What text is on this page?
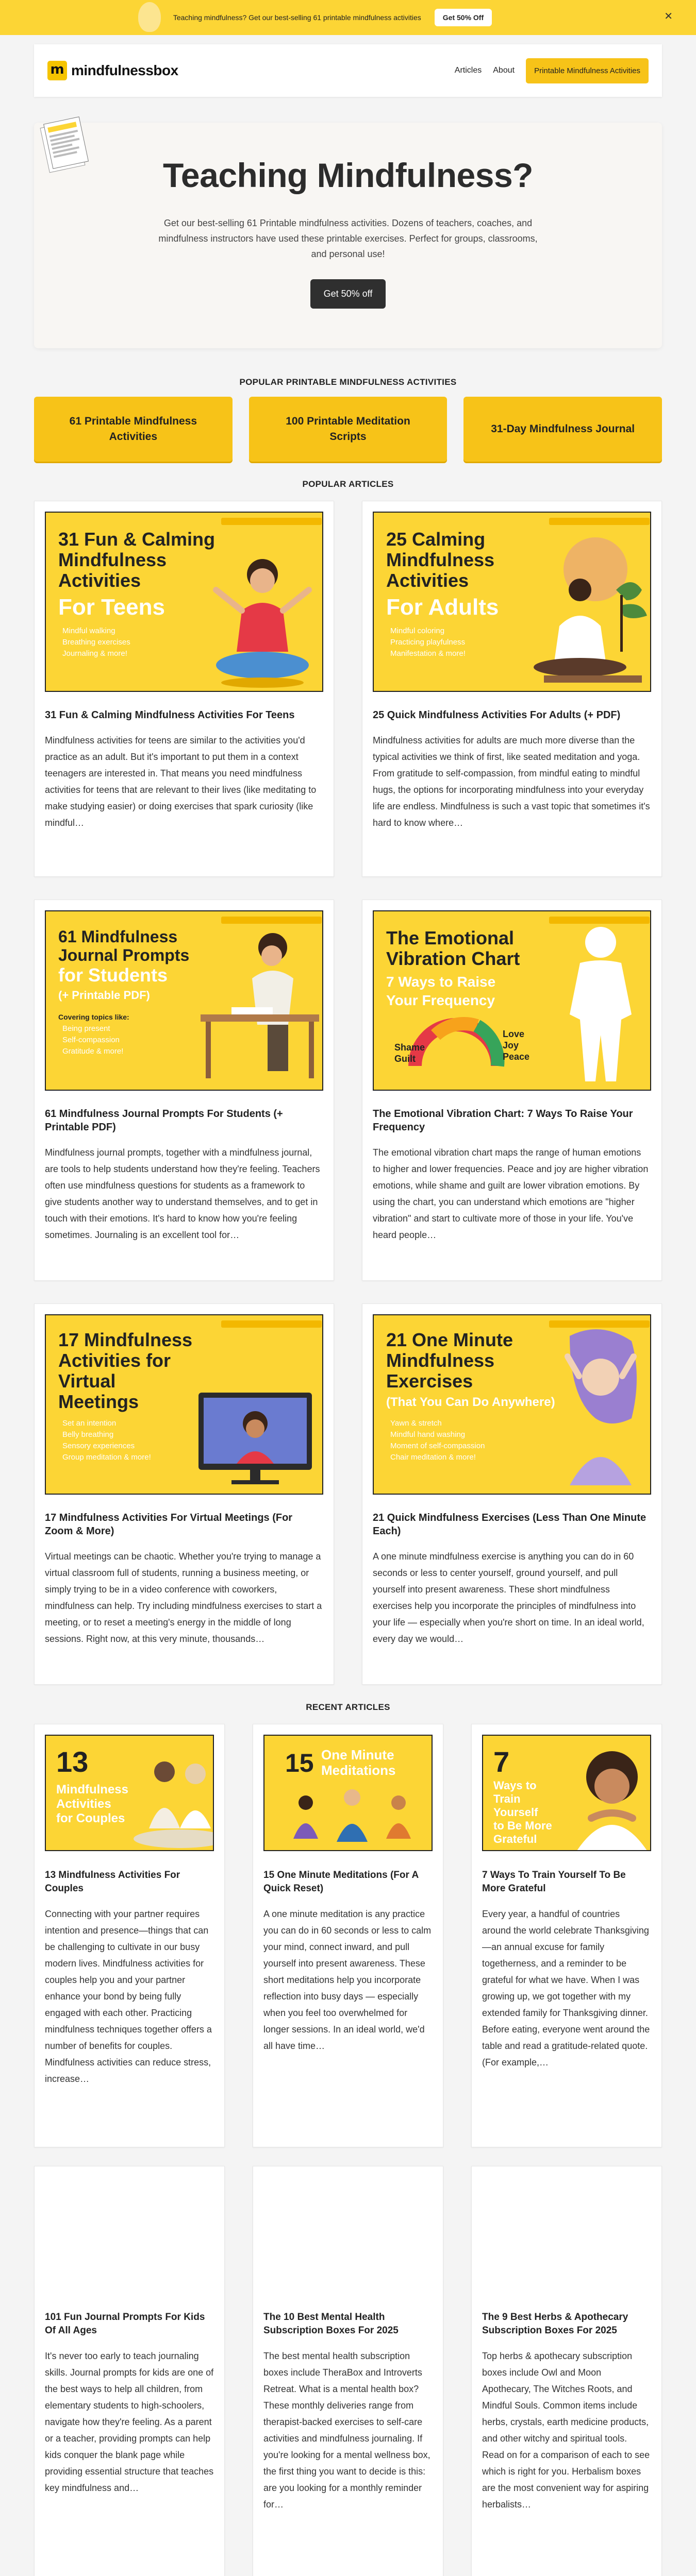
Teaching mindfulness? Get our best-selling 61 printable mindfulness activities	Get 50% Off	✕
m
mindfulnessbox	Articles About	Printable Mindfulness Activities
Teaching Mindfulness?

Get our best-selling 61 Printable mindfulness activities. Dozens of teachers, coaches, and mindfulness instructors have used these printable exercises. Perfect for groups, classrooms, and personal use!

Get 50% off
POPULAR PRINTABLE MINDFULNESS ACTIVITIES
61 Printable Mindfulness Activities
100 Printable Meditation Scripts
31-Day Mindfulness Journal
POPULAR ARTICLES
31 Fun & Calming
Mindfulness
Activities
For Teens
Mindful walking
Breathing exercises
Journaling & more!
31 Fun & Calming Mindfulness Activities For Teens

Mindfulness activities for teens are similar to the activities you'd practice as an adult. But it's important to put them in a context teenagers are interested in. That means you need mindfulness activities for teens that are relevant to their lives (like meditating to make studying easier) or doing exercises that spark curiosity (like mindful…

25 Calming
Mindfulness
Activities
For Adults
Mindful coloring
Practicing playfulness
Manifestation & more!
25 Quick Mindfulness Activities For Adults (+ PDF)

Mindfulness activities for adults are much more diverse than the typical activities we think of first, like seated meditation and yoga. From gratitude to self-compassion, from mindful eating to mindful hugs, the options for incorporating mindfulness into your everyday life are endless. Mindfulness is such a vast topic that sometimes it's hard to know where…

61 Mindfulness
Journal Prompts
for Students
(+ Printable PDF)
Covering topics like:
Being present
Self-compassion
Gratitude & more!
61 Mindfulness Journal Prompts For Students (+ Printable PDF)

Mindfulness journal prompts, together with a mindfulness journal, are tools to help students understand how they're feeling. Teachers often use mindfulness questions for students as a framework to give students another way to understand themselves, and to get in touch with their emotions. It's hard to know how you're feeling sometimes. Journaling is an excellent tool for…

The Emotional
Vibration Chart
7 Ways to Raise
Your Frequency
Shame
Guilt
Love
Joy
Peace
The Emotional Vibration Chart: 7 Ways To Raise Your Frequency

The emotional vibration chart maps the range of human emotions to higher and lower frequencies. Peace and joy are higher vibration emotions, while shame and guilt are lower vibration emotions. By using the chart, you can understand which emotions are "higher vibration" and start to cultivate more of those in your life. You've heard people…

17 Mindfulness
Activities for
Virtual
Meetings
Set an intention
Belly breathing
Sensory experiences
Group meditation & more!
17 Mindfulness Activities For Virtual Meetings (For Zoom & More)

Virtual meetings can be chaotic. Whether you're trying to manage a virtual classroom full of students, running a business meeting, or simply trying to be in a video conference with coworkers, mindfulness can help. Try including mindfulness exercises to start a meeting, or to reset a meeting's energy in the middle of long sessions. Right now, at this very minute, thousands…

21 One Minute
Mindfulness
Exercises
(That You Can Do Anywhere)
Yawn & stretch
Mindful hand washing
Moment of self-compassion
Chair meditation & more!
21 Quick Mindfulness Exercises (Less Than One Minute Each)

A one minute mindfulness exercise is anything you can do in 60 seconds or less to center yourself, ground yourself, and pull yourself into present awareness. These short mindfulness exercises help you incorporate the principles of mindfulness into your life — especially when you're short on time. In an ideal world, every day we would…

RECENT ARTICLES
13
Mindfulness
Activities
for Couples
13 Mindfulness Activities For Couples

Connecting with your partner requires intention and presence—things that can be challenging to cultivate in our busy modern lives. Mindfulness activities for couples help you and your partner enhance your bond by being fully engaged with each other. Practicing mindfulness techniques together offers a number of benefits for couples. Mindfulness activities can reduce stress, increase…

15 One Minute
Meditations
15 One Minute Meditations (For A Quick Reset)

A one minute meditation is any practice you can do in 60 seconds or less to calm your mind, connect inward, and pull yourself into present awareness. These short meditations help you incorporate reflection into busy days — especially when you feel too overwhelmed for longer sessions. In an ideal world, we'd all have time…

7
Ways to
Train
Yourself
to Be More
Grateful
7 Ways To Train Yourself To Be More Grateful

Every year, a handful of countries around the world celebrate Thanksgiving—an annual excuse for family togetherness, and a reminder to be grateful for what we have. When I was growing up, we got together with my extended family for Thanksgiving dinner. Before eating, everyone went around the table and read a gratitude-related quote. (For example,…

101 Fun Journal Prompts For Kids Of All Ages

It's never too early to teach journaling skills. Journal prompts for kids are one of the best ways to help all children, from elementary students to high-schoolers, navigate how they're feeling. As a parent or a teacher, providing prompts can help kids conquer the blank page while providing essential structure that teaches key mindfulness and…

The 10 Best Mental Health Subscription Boxes For 2025

The best mental health subscription boxes include TheraBox and Introverts Retreat. What is a mental health box? These monthly deliveries range from therapist-backed exercises to self-care activities and mindfulness journaling. If you're looking for a mental wellness box, the first thing you want to decide is this: are you looking for a monthly reminder for…

The 9 Best Herbs & Apothecary Subscription Boxes For 2025

Top herbs & apothecary subscription boxes include Owl and Moon Apothecary, The Witches Roots, and Mindful Souls. Common items include herbs, crystals, earth medicine products, and other witchy and spiritual tools. Read on for a comparison of each to see which is right for you. Herbalism boxes are the most convenient way for aspiring herbalists…
